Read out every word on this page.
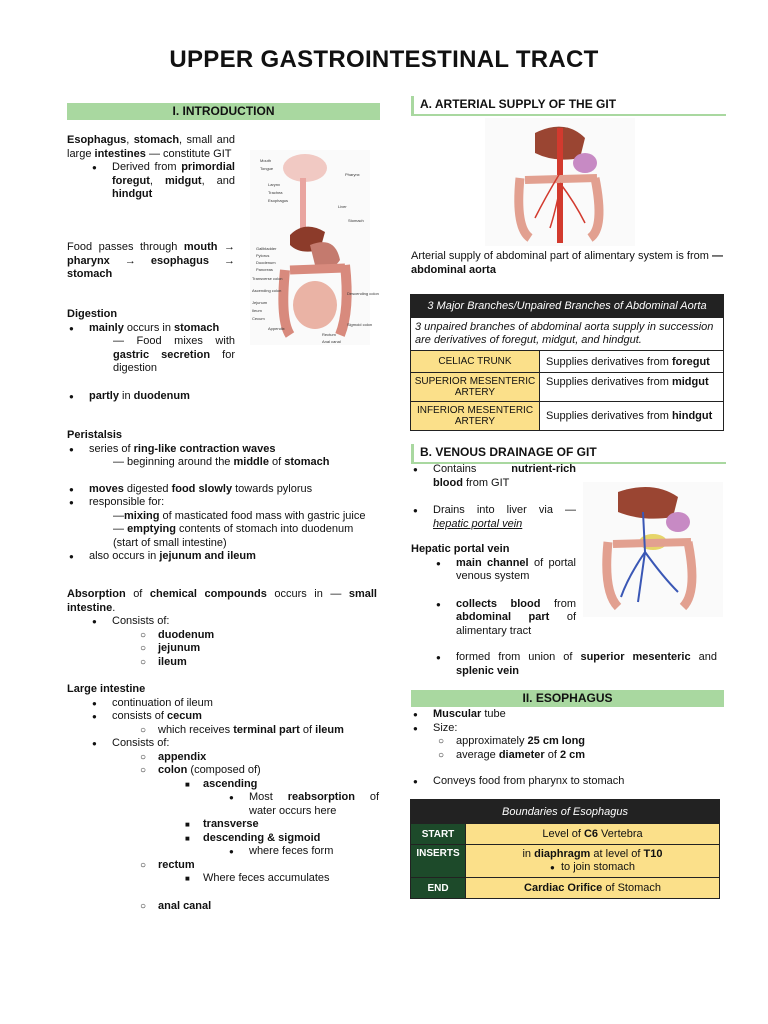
UPPER GASTROINTESTINAL TRACT
I. INTRODUCTION

Esophagus, stomach, small and large intestines — constitute GIT

● Derived from primordial foregut, midgut, and hindgut
Mouth
Tongue
Pharynx
Larynx
Trachea
Esophagus
Liver
Stomach
Gallbladder
Pylorus
Duodenum
Pancreas
Transverse colon
Ascending colon
Descending colon
Jejunum
Ileum
Cecum
Appendix
Sigmoid colon
Rectum
Anal canal

Food passes through mouth → pharynx → esophagus → stomach

Digestion

● mainly occurs in stomach
— Food mixes with gastric secretion for digestion
● partly in duodenum

Peristalsis

● series of ring-like contraction waves
— beginning around the middle of stomach
● moves digested food slowly towards pylorus
● responsible for:
—mixing of masticated food mass with gastric juice
— emptying contents of stomach into duodenum (start of small intestine)
● also occurs in jejunum and ileum

Absorption of chemical compounds occurs in — small intestine.

● Consists of:
○ duodenum
○ jejunum
○ ileum

Large intestine

● continuation of ileum
● consists of cecum
○ which receives terminal part of ileum
● Consists of:
○ appendix
○ colon (composed of)
■ ascending
● Most reabsorption of water occurs here
■ transverse
■ descending & sigmoid
● where feces form
○ rectum
■ Where feces accumulates
○ anal canal
A. ARTERIAL SUPPLY OF THE GIT

Arterial supply of abdominal part of alimentary system is from — abdominal aorta

3 Major Branches/Unpaired Branches of Abdominal Aorta	
3 unpaired branches of abdominal aorta supply in succession are derivatives of foregut, midgut, and hindgut.	
CELIAC TRUNK	Supplies derivatives from foregut
SUPERIOR MESENTERIC ARTERY	Supplies derivatives from midgut
INFERIOR MESENTERIC ARTERY	Supplies derivatives from hindgut
B. VENOUS DRAINAGE OF GIT
● Contains nutrient-rich blood from GIT
● Drains into liver via — hepatic portal vein

Hepatic portal vein

● main channel of portal venous system
● collects blood from abdominal part of alimentary tract
● formed from union of superior mesenteric and splenic vein
II. ESOPHAGUS
● Muscular tube
● Size:
○ approximately 25 cm long
○ average diameter of 2 cm
● Conveys food from pharynx to stomach
Boundaries of Esophagus	
START	Level of C6 Vertebra
INSERTS	in diaphragm at level of T10
● to join stomach
END	Cardiac Orifice of Stomach
